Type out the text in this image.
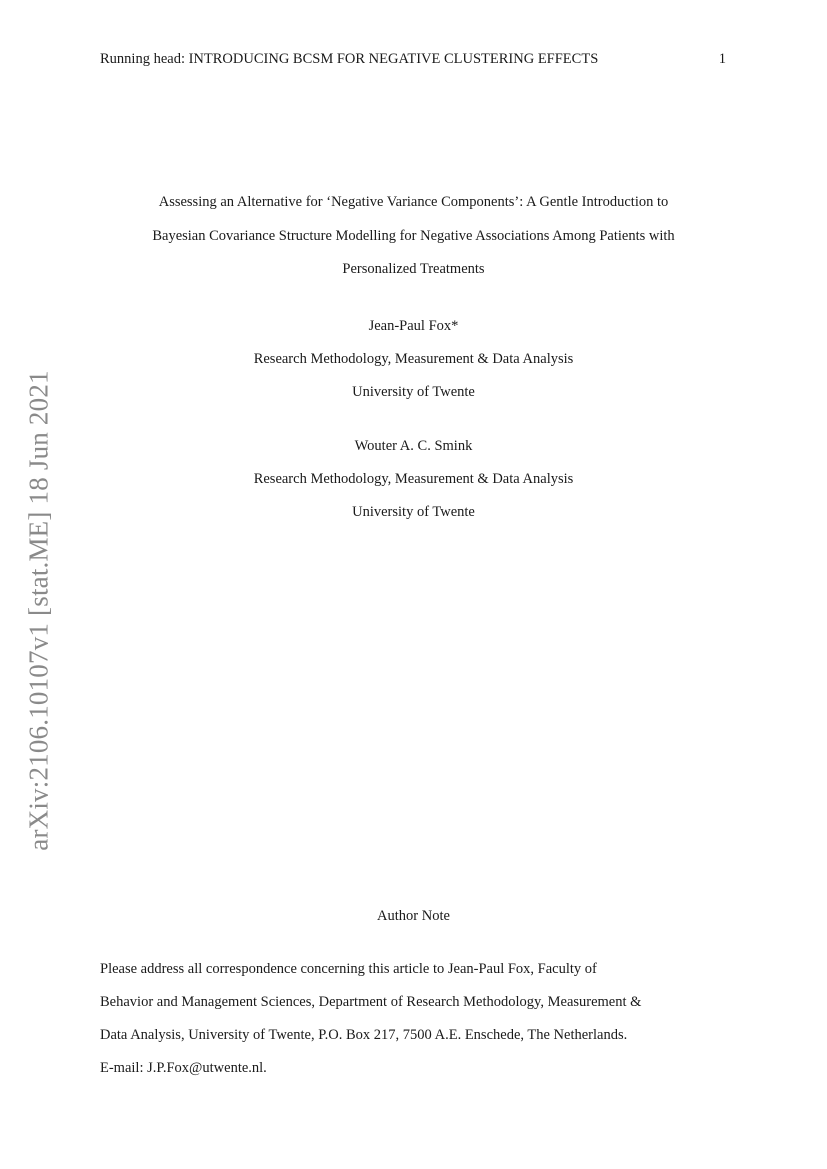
Running head: INTRODUCING BCSM FOR NEGATIVE CLUSTERING EFFECTS	1
arXiv:2106.10107v1 [stat.ME] 18 Jun 2021
Assessing an Alternative for ‘Negative Variance Components’: A Gentle Introduction to
Bayesian Covariance Structure Modelling for Negative Associations Among Patients with
Personalized Treatments
Jean-Paul Fox*
Research Methodology, Measurement & Data Analysis
University of Twente
Wouter A. C. Smink
Research Methodology, Measurement & Data Analysis
University of Twente
Author Note
Please address all correspondence concerning this article to Jean-Paul Fox, Faculty of
Behavior and Management Sciences, Department of Research Methodology, Measurement &
Data Analysis, University of Twente, P.O. Box 217, 7500 A.E. Enschede, The Netherlands.
E-mail: J.P.Fox@utwente.nl.
